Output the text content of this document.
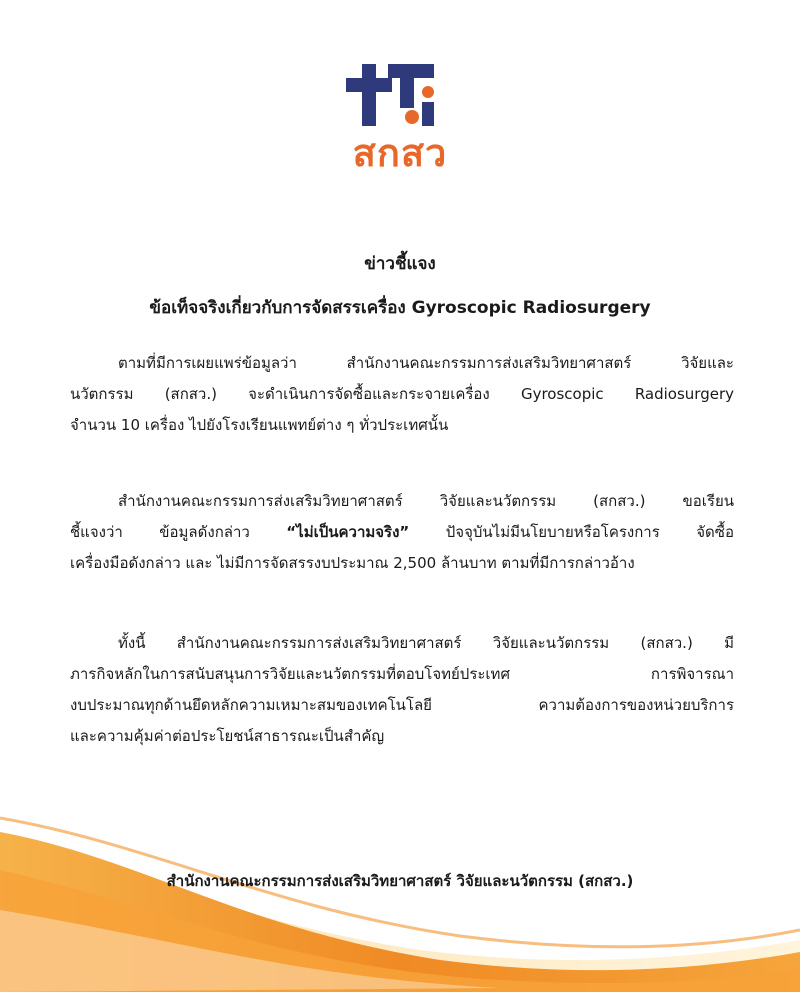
สกสว
ข่าวชี้แจง
ข้อเท็จจริงเกี่ยวกับการจัดสรรเครื่อง Gyroscopic Radiosurgery
ตามที่มีการเผยแพร่ข้อมูลว่า สำนักงานคณะกรรมการส่งเสริมวิทยาศาสตร์ วิจัยและ
นวัตกรรม (สกสว.) จะดำเนินการจัดซื้อและกระจายเครื่อง Gyroscopic Radiosurgery
จำนวน 10 เครื่อง ไปยังโรงเรียนแพทย์ต่าง ๆ ทั่วประเทศนั้น
สำนักงานคณะกรรมการส่งเสริมวิทยาศาสตร์ วิจัยและนวัตกรรม (สกสว.) ขอเรียน
ชี้แจงว่า ข้อมูลดังกล่าว “ไม่เป็นความจริง” ปัจจุบันไม่มีนโยบายหรือโครงการ จัดซื้อ
เครื่องมือดังกล่าว และ ไม่มีการจัดสรรงบประมาณ 2,500 ล้านบาท ตามที่มีการกล่าวอ้าง
ทั้งนี้ สำนักงานคณะกรรมการส่งเสริมวิทยาศาสตร์ วิจัยและนวัตกรรม (สกสว.) มี
ภารกิจหลักในการสนับสนุนการวิจัยและนวัตกรรมที่ตอบโจทย์ประเทศ การพิจารณา
งบประมาณทุกด้านยึดหลักความเหมาะสมของเทคโนโลยี ความต้องการของหน่วยบริการ
และความคุ้มค่าต่อประโยชน์สาธารณะเป็นสำคัญ
สำนักงานคณะกรรมการส่งเสริมวิทยาศาสตร์ วิจัยและนวัตกรรม (สกสว.)
